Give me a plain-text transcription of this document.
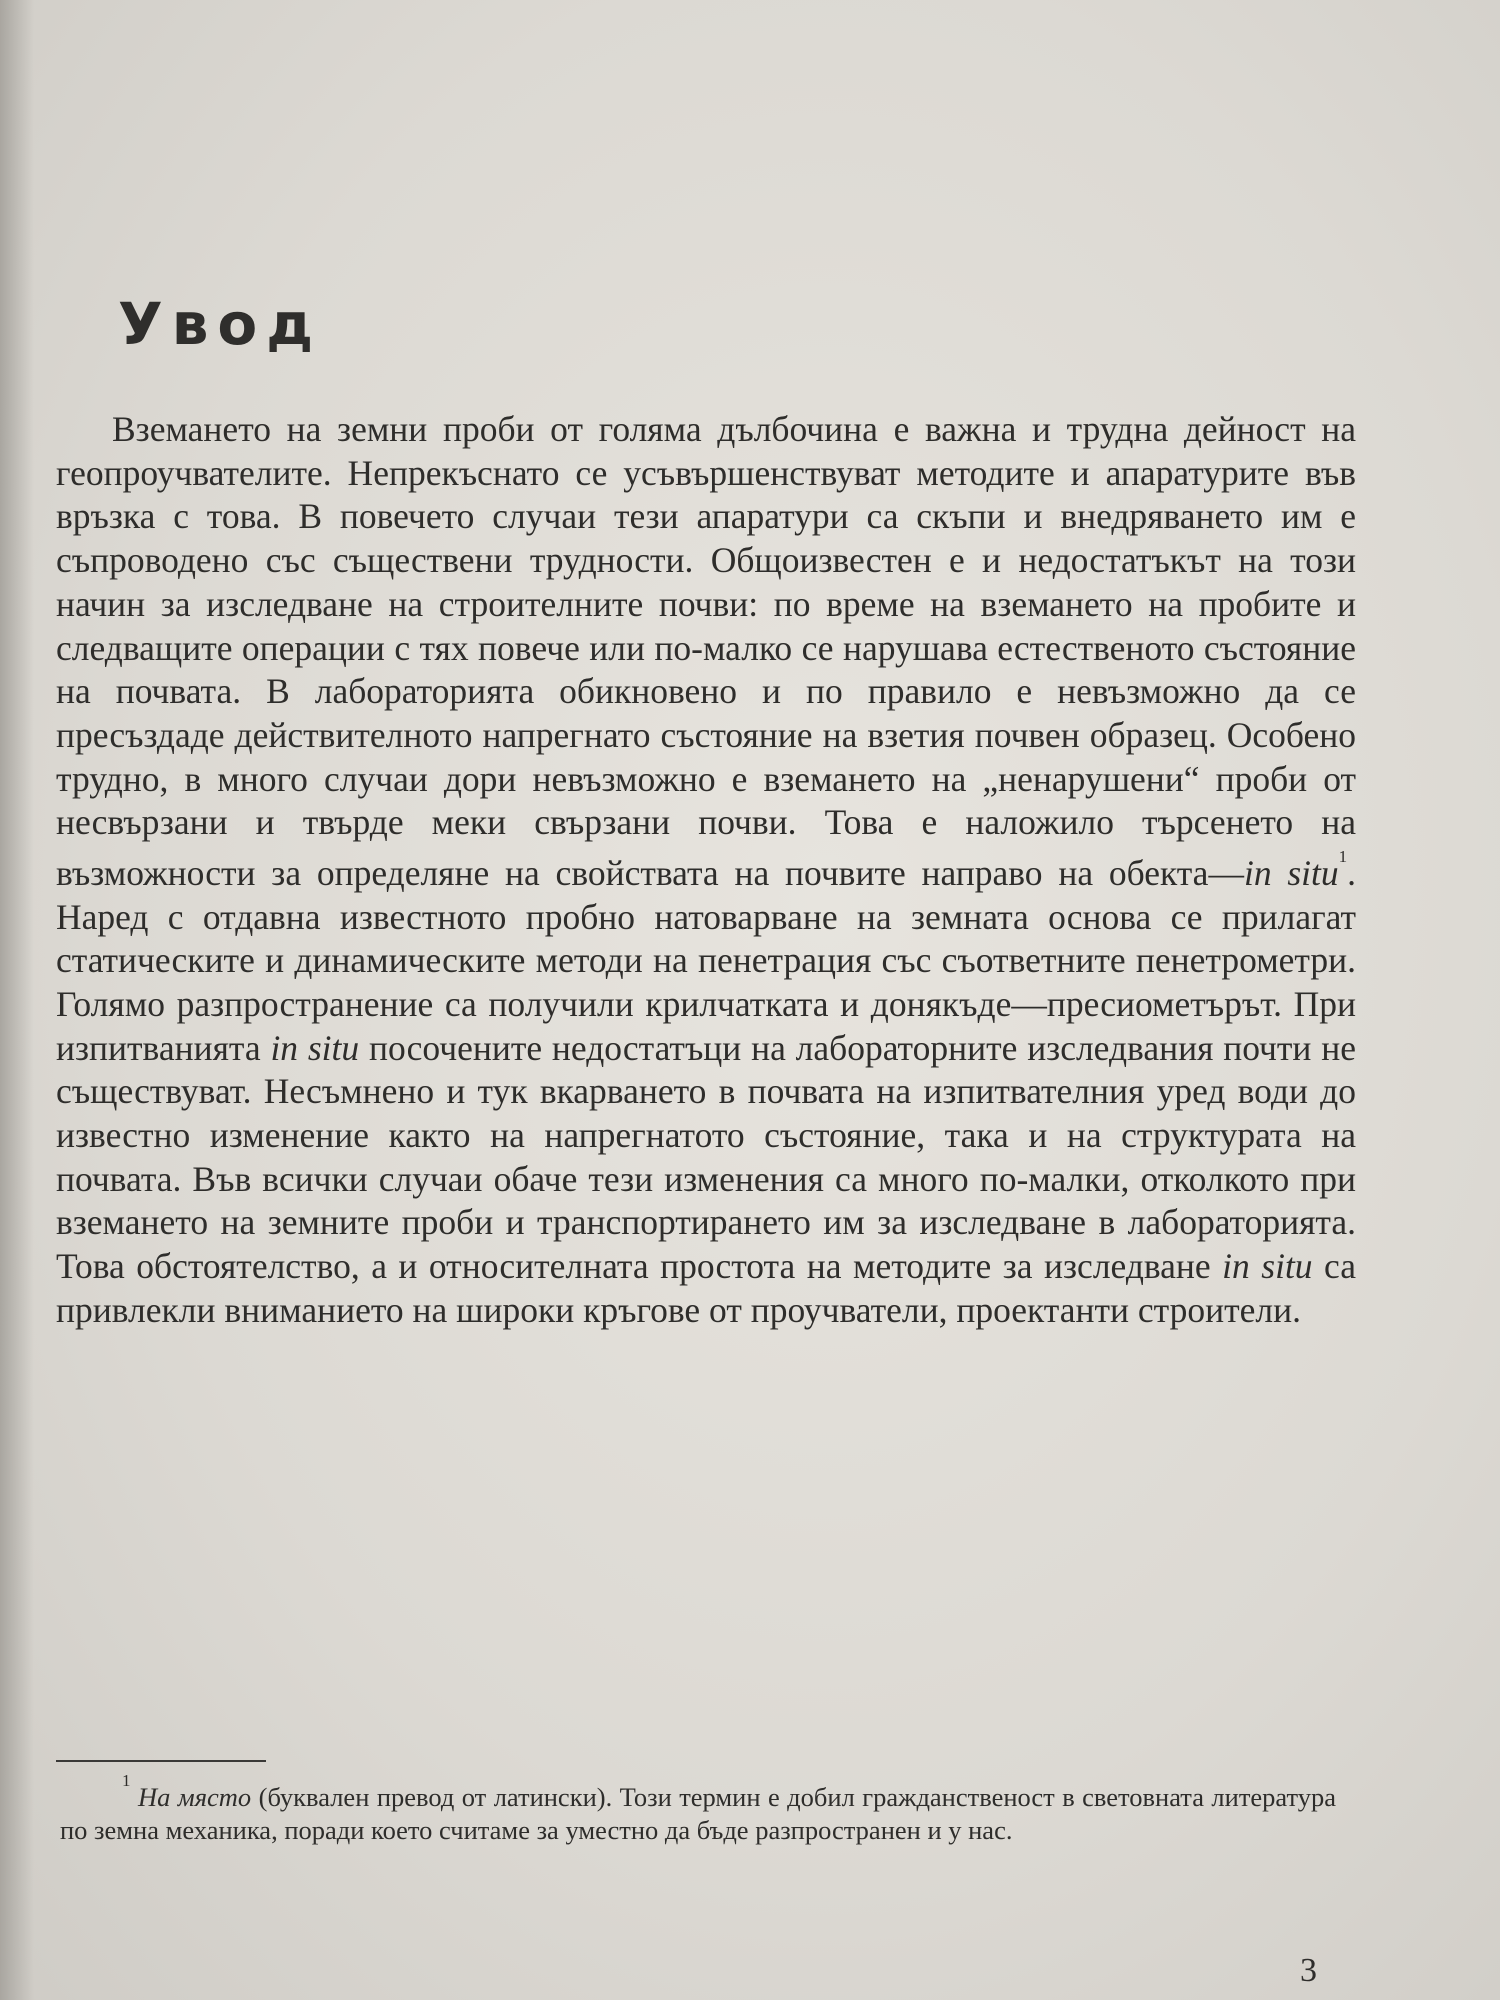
Увод

Вземането на земни проби от голяма дълбочина е важна и трудна дейност на геопроучвателите. Непрекъснато се усъвършенствуват методите и апаратурите във връзка с това. В повечето случаи тези апаратури са скъпи и внедряването им е съпроводено със съществени трудности. Общоизвестен е и недостатъкът на този начин за изследване на строителните почви: по време на вземането на пробите и следващите операции с тях повече или по-малко се нарушава естественото състояние на почвата. В лабораторията обикновено и по правило е невъзможно да се пресъздаде действителното напрегнато състояние на взетия почвен образец. Особено трудно, в много случаи дори невъзможно е вземането на „ненарушени“ проби от несвързани и твърде меки свързани почви. Това е наложило търсенето на възможности за определяне на свойствата на почвите направо на обекта—in situ$^1$. Наред с отдавна известното пробно натоварване на земната основа се прилагат статическите и динамическите методи на пенетрация със съответните пенетрометри. Голямо разпространение са получили крилчатката и донякъде—пресиометърът. При изпитванията in situ посочените недостатъци на лабораторните изследвания почти не съществуват. Несъмнено и тук вкарването в почвата на изпитвателния уред води до известно изменение както на напрегнатото състояние, така и на структурата на почвата. Във всички случаи обаче тези изменения са много по-малки, отколкото при вземането на земните проби и транспортирането им за изследване в лабораторията. Това обстоятелство, а и относителната простота на методите за изследване in situ са привлекли вниманието на широки кръгове от проучватели, проектанти строители.

$^1$ На място (буквален превод от латински). Този термин е добил гражданственост в световната литература по земна механика, поради което считаме за уместно да бъде разпространен и у нас.

3
